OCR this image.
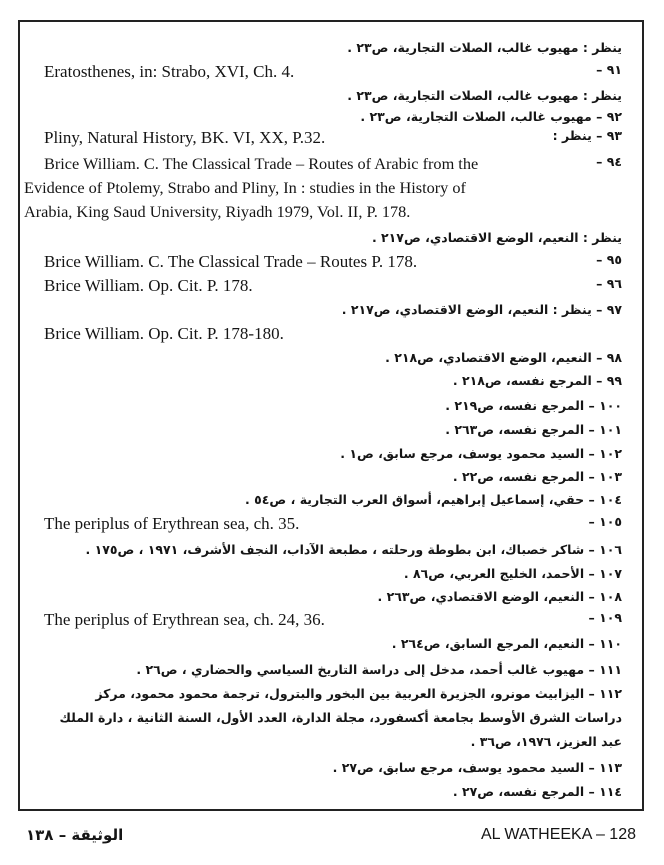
ينظر : مهيوب غالب، الصلات التجارية، ص٢٣ .
٩١ –
Eratosthenes, in: Strabo, XVI, Ch. 4.
ينظر : مهيوب غالب، الصلات التجارية، ص٢٣ .
٩٢ – مهيوب غالب، الصلات التجارية، ص٢٣ .
٩٣ – ينظر :
Pliny, Natural History, BK. VI, XX, P.32.
٩٤ –
Brice William. C. The Classical Trade – Routes of Arabic from the
Evidence of Ptolemy, Strabo and Pliny, In : studies in the History of
Arabia, King Saud University, Riyadh 1979, Vol. II, P. 178.
ينظر : النعيم، الوضع الاقتصادي، ص٢١٧ .
٩٥ –
Brice William. C. The Classical Trade – Routes P. 178.
٩٦ –
Brice William. Op. Cit. P. 178.
٩٧ – ينظر : النعيم، الوضع الاقتصادي، ص٢١٧ .
Brice William. Op. Cit. P. 178-180.
٩٨ – النعيم، الوضع الاقتصادي، ص٢١٨ .
٩٩ – المرجع نفسه، ص٢١٨ .
١٠٠ – المرجع نفسه، ص٢١٩ .
١٠١ – المرجع نفسه، ص٢٦٣ .
١٠٢ – السيد محمود يوسف، مرجع سابق، ص١ .
١٠٣ – المرجع نفسه، ص٢٢ .
١٠٤ – حقي، إسماعيل إبراهيم، أسواق العرب التجارية ، ص٥٤ .
١٠٥ –
The periplus of Erythrean sea, ch. 35.
١٠٦ – شاكر خصباك، ابن بطوطة ورحلته ، مطبعة الآداب، النجف الأشرف، ١٩٧١ ، ص١٧٥ .
١٠٧ – الأحمد، الخليج العربي، ص٨٦ .
١٠٨ – النعيم، الوضع الاقتصادي، ص٢٦٣ .
١٠٩ –
The periplus of Erythrean sea, ch. 24, 36.
١١٠ – النعيم، المرجع السابق، ص٢٦٤ .
١١١ – مهيوب غالب أحمد، مدخل إلى دراسة التاريخ السياسي والحضاري ، ص٢٦ .
١١٢ – اليزابيث مونرو، الجزيرة العربية بين البخور والبترول، ترجمة محمود محمود، مركز
دراسات الشرق الأوسط بجامعة أكسفورد، مجلة الدارة، العدد الأول، السنة الثانية ، دارة الملك
عبد العزيز، ١٩٧٦، ص٣٦ .
١١٣ – السيد محمود يوسف، مرجع سابق، ص٢٧ .
١١٤ – المرجع نفسه، ص٢٧ .
الوثيقة – ١٣٨	AL WATHEEKA – 128
